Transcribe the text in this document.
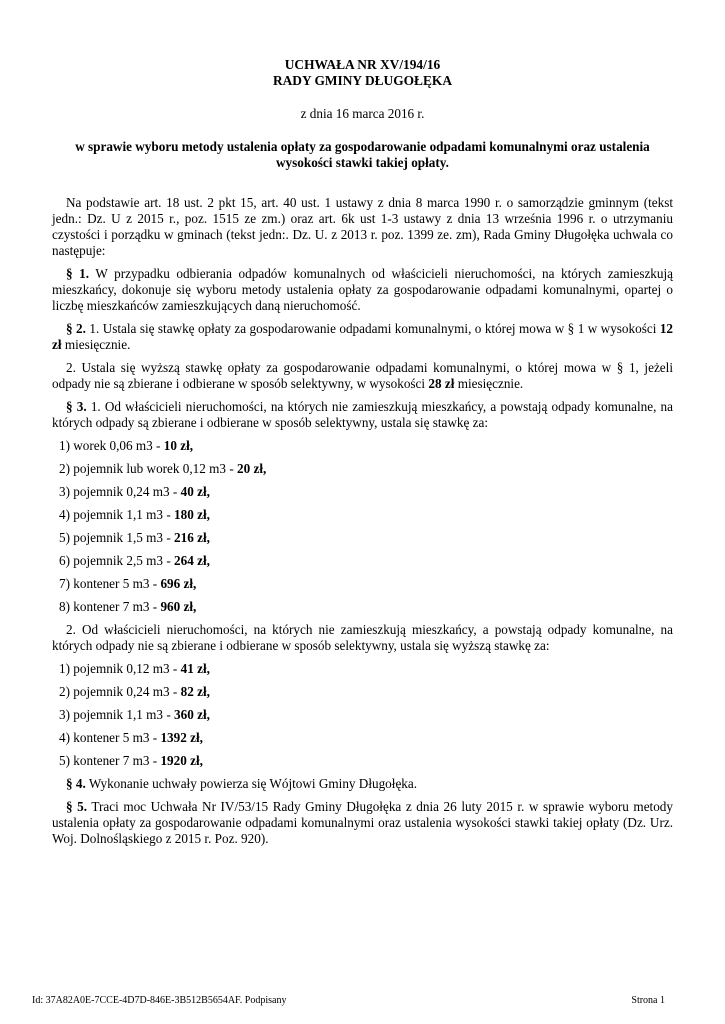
UCHWAŁA NR XV/194/16
RADY GMINY DŁUGOŁĘKA
z dnia 16 marca 2016 r.
w sprawie wyboru metody ustalenia opłaty za gospodarowanie odpadami komunalnymi oraz ustalenia wysokości stawki takiej opłaty.

Na podstawie art. 18 ust. 2 pkt 15, art. 40 ust. 1 ustawy z dnia 8 marca 1990 r. o samorządzie gminnym (tekst jedn.: Dz. U z 2015 r., poz. 1515 ze zm.) oraz art. 6k ust 1-3 ustawy z dnia 13 września 1996 r. o utrzymaniu czystości i porządku w gminach (tekst jedn:. Dz. U. z 2013 r. poz. 1399 ze. zm), Rada Gminy Długołęka uchwala co następuje:

§ 1. W przypadku odbierania odpadów komunalnych od właścicieli nieruchomości, na których zamieszkują mieszkańcy, dokonuje się wyboru metody ustalenia opłaty za gospodarowanie odpadami komunalnymi, opartej o liczbę mieszkańców zamieszkujących daną nieruchomość.

§ 2. 1. Ustala się stawkę opłaty za gospodarowanie odpadami komunalnymi, o której mowa w § 1 w wysokości 12 zł miesięcznie.

2. Ustala się wyższą stawkę opłaty za gospodarowanie odpadami komunalnymi, o której mowa w § 1, jeżeli odpady nie są zbierane i odbierane w sposób selektywny, w wysokości 28 zł miesięcznie.

§ 3. 1. Od właścicieli nieruchomości, na których nie zamieszkują mieszkańcy, a powstają odpady komunalne, na których odpady są zbierane i odbierane w sposób selektywny, ustala się stawkę za:

1) worek 0,06 m3 - 10 zł,
2) pojemnik lub worek 0,12 m3 - 20 zł,
3) pojemnik 0,24 m3 - 40 zł,
4) pojemnik 1,1 m3 - 180 zł,
5) pojemnik 1,5 m3 - 216 zł,
6) pojemnik 2,5 m3 - 264 zł,
7) kontener 5 m3 - 696 zł,
8) kontener 7 m3 - 960 zł,

2. Od właścicieli nieruchomości, na których nie zamieszkują mieszkańcy, a powstają odpady komunalne, na których odpady nie są zbierane i odbierane w sposób selektywny, ustala się wyższą stawkę za:

1) pojemnik 0,12 m3 - 41 zł,
2) pojemnik 0,24 m3 - 82 zł,
3) pojemnik 1,1 m3 - 360 zł,
4) kontener 5 m3 - 1392 zł,
5) kontener 7 m3 - 1920 zł,

§ 4. Wykonanie uchwały powierza się Wójtowi Gminy Długołęka.

§ 5. Traci moc Uchwała Nr IV/53/15 Rady Gminy Długołęka z dnia 26 luty 2015 r. w sprawie wyboru metody ustalenia opłaty za gospodarowanie odpadami komunalnymi oraz ustalenia wysokości stawki takiej opłaty (Dz. Urz. Woj. Dolnośląskiego z 2015 r. Poz. 920).

Id: 37A82A0E-7CCE-4D7D-846E-3B512B5654AF. Podpisany	Strona 1
